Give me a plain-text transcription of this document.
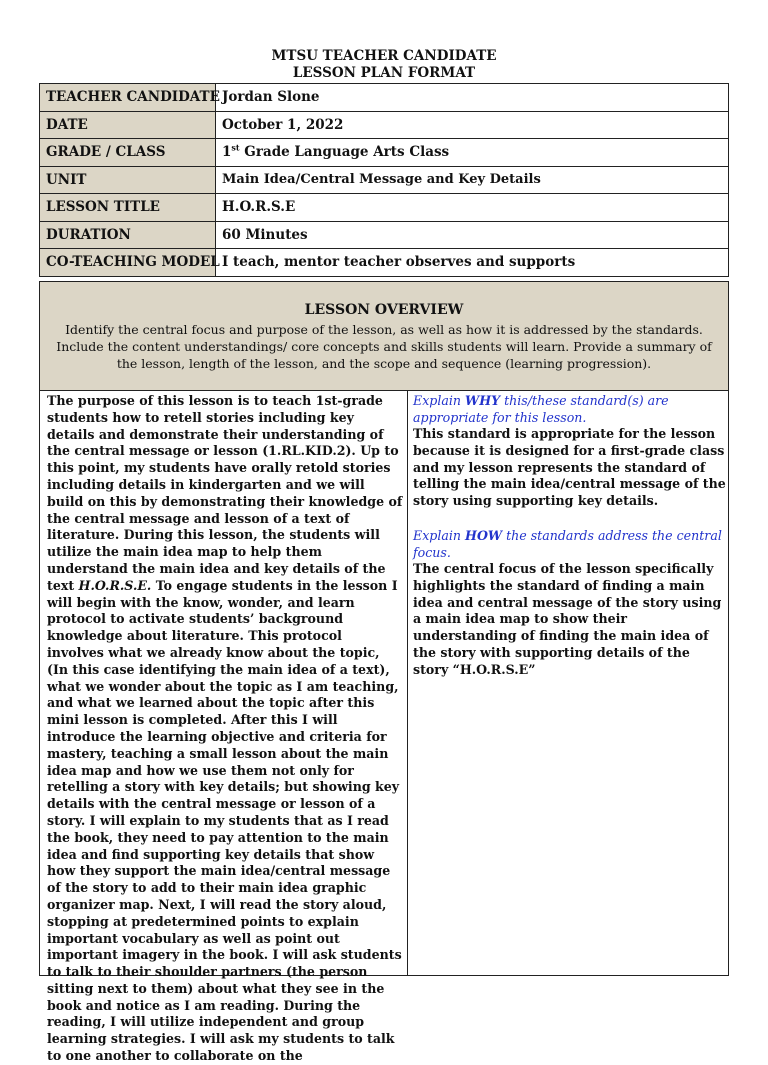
MTSU TEACHER CANDIDATE
LESSON PLAN FORMAT
TEACHER CANDIDATE	Jordan Slone
DATE	October 1, 2022
GRADE / CLASS	1st Grade Language Arts Class
UNIT	Main Idea/Central Message and Key Details
LESSON TITLE	H.O.R.S.E
DURATION	60 Minutes
CO-TEACHING MODEL	I teach, mentor teacher observes and supports
LESSON OVERVIEW
Identify the central focus and purpose of the lesson, as well as how it is addressed by the standards. Include the content understandings/ core concepts and skills students will learn. Provide a summary of the lesson, length of the lesson, and the scope and sequence (learning progression).
The purpose of this lesson is to teach 1st-grade students how to retell stories including key details and demonstrate their understanding of the central message or lesson (1.RL.KID.2). Up to this point, my students have orally retold stories including details in kindergarten and we will build on this by demonstrating their knowledge of the central message and lesson of a text of literature. During this lesson, the students will utilize the main idea map to help them understand the main idea and key details of the text H.O.R.S.E. To engage students in the lesson I will begin with the know, wonder, and learn protocol to activate students’ background knowledge about literature. This protocol involves what we already know about the topic, (In this case identifying the main idea of a text), what we wonder about the topic as I am teaching, and what we learned about the topic after this mini lesson is completed. After this I will introduce the learning objective and criteria for mastery, teaching a small lesson about the main idea map and how we use them not only for retelling a story with key details; but showing key details with the central message or lesson of a story. I will explain to my students that as I read the book, they need to pay attention to the main idea and find supporting key details that show how they support the main idea/central message of the story to add to their main idea graphic organizer map. Next, I will read the story aloud, stopping at predetermined points to explain important vocabulary as well as point out important imagery in the book. I will ask students to talk to their shoulder partners (the person sitting next to them) about what they see in the book and notice as I am reading. During the reading, I will utilize independent and group learning strategies. I will ask my students to talk to one another to collaborate on the
Explain WHY this/these standard(s) are appropriate for this lesson.
This standard is appropriate for the lesson because it is designed for a first-grade class and my lesson represents the standard of telling the main idea/central message of the story using supporting key details.
Explain HOW the standards address the central focus.
The central focus of the lesson specifically highlights the standard of finding a main idea and central message of the story using a main idea map to show their understanding of finding the main idea of the story with supporting details of the story “H.O.R.S.E”
